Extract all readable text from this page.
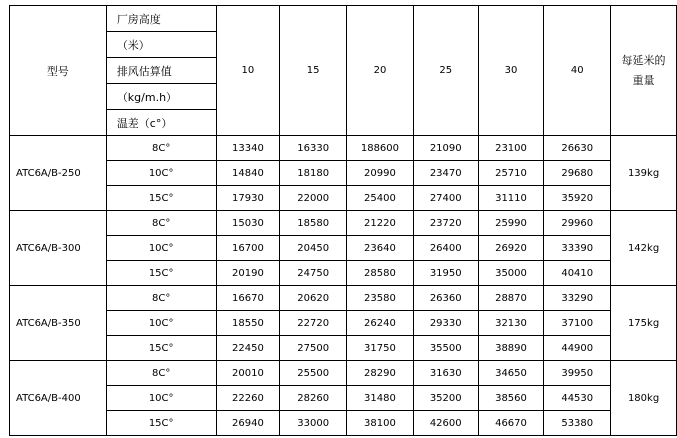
型号	厂房高度	10	15	20	25	30	40	每延米的
重量

	（米）							
	排风估算值							
	（kg/m.h）							
	温差（c°）							
ATC6A/B-250	8C°	13340	16330	188600	21090	23100	26630	139kg
	10C°	14840	18180	20990	23470	25710	29680	
	15C°	17930	22000	25400	27400	31110	35920	
ATC6A/B-300	8C°	15030	18580	21220	23720	25990	29960	142kg
	10C°	16700	20450	23640	26400	26920	33390	
	15C°	20190	24750	28580	31950	35000	40410	
ATC6A/B-350	8C°	16670	20620	23580	26360	28870	33290	175kg
	10C°	18550	22720	26240	29330	32130	37100	
	15C°	22450	27500	31750	35500	38890	44900	
ATC6A/B-400	8C°	20010	25500	28290	31630	34650	39950	180kg
	10C°	22260	28260	31480	35200	38560	44530	
	15C°	26940	33000	38100	42600	46670	53380	
